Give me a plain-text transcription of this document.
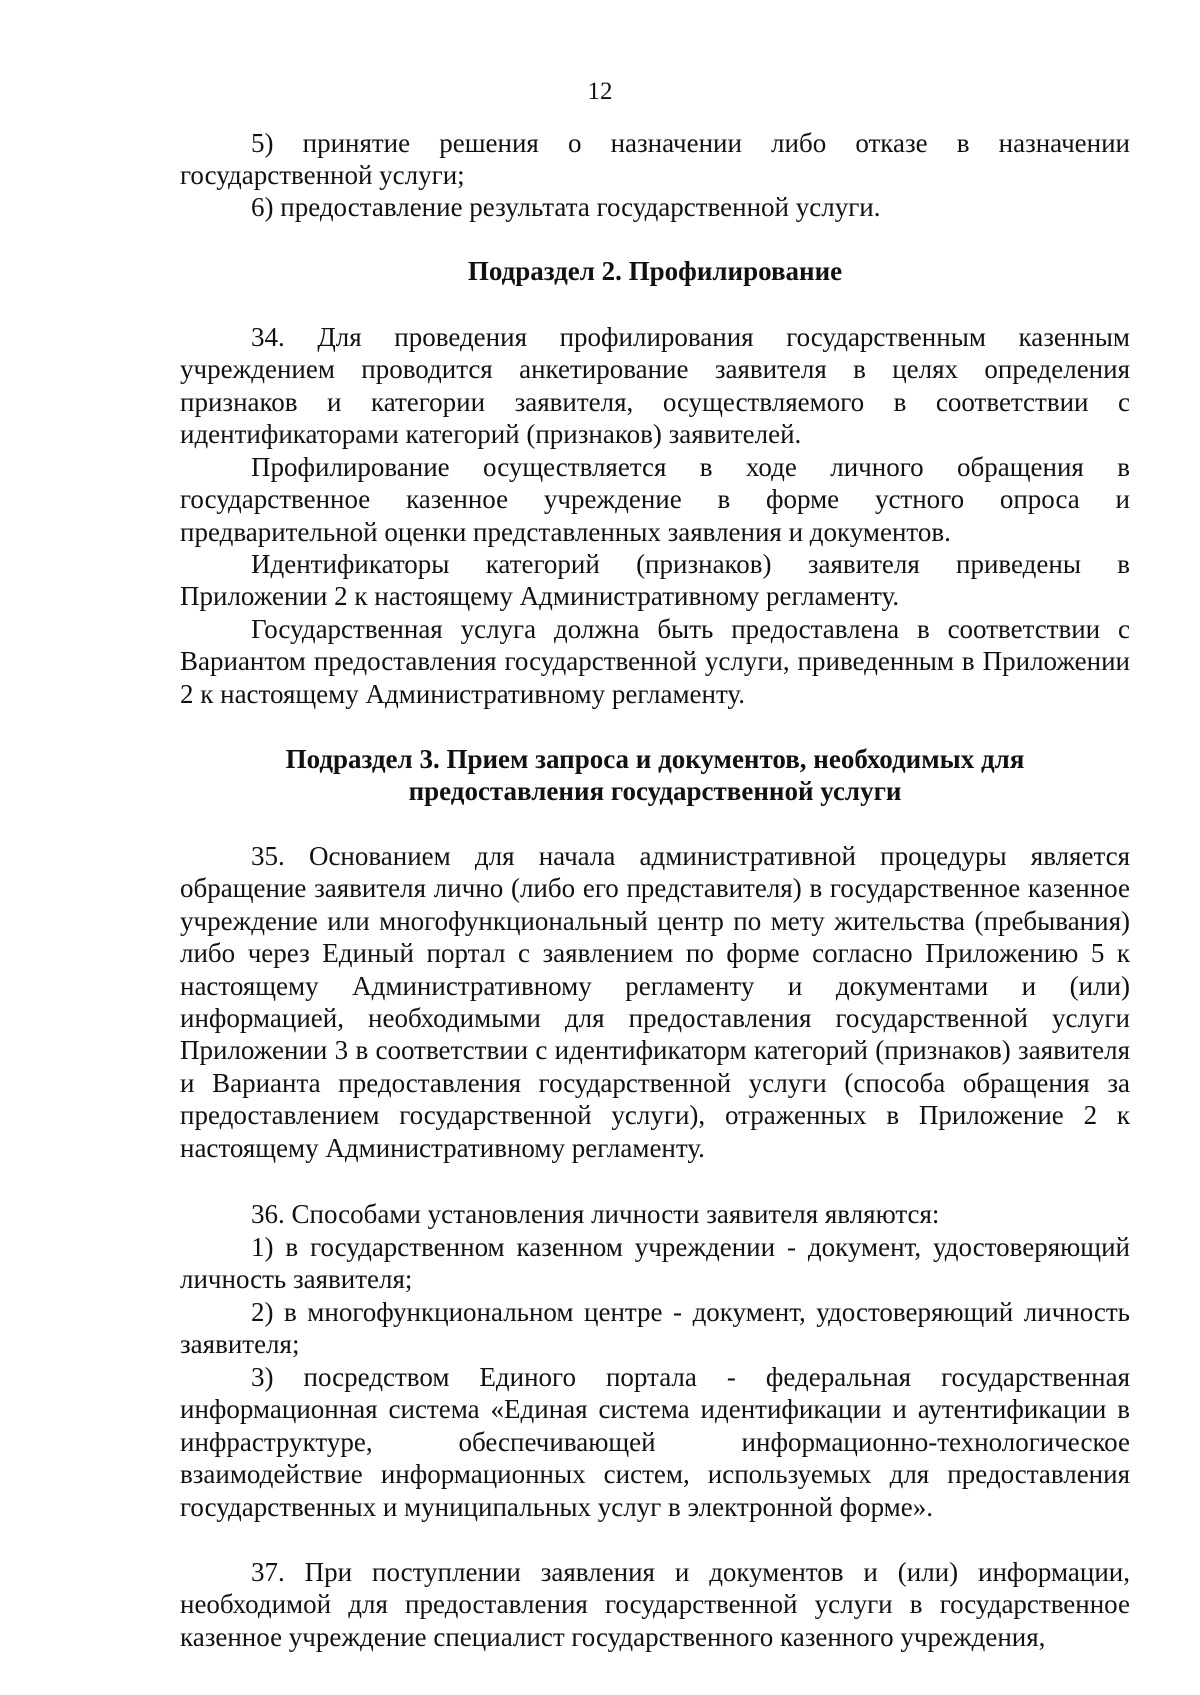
12

5) принятие решения о назначении либо отказе в назначении государственной услуги;

6) предоставление результата государственной услуги.

Подраздел 2. Профилирование

34. Для проведения профилирования государственным казенным учреждением проводится анкетирование заявителя в целях определения признаков и категории заявителя, осуществляемого в соответствии с идентификаторами категорий (признаков) заявителей.

Профилирование осуществляется в ходе личного обращения в государственное казенное учреждение в форме устного опроса и предварительной оценки представленных заявления и документов.

Идентификаторы категорий (признаков) заявителя приведены в Приложении 2 к настоящему Административному регламенту.

Государственная услуга должна быть предоставлена в соответствии с Вариантом предоставления государственной услуги, приведенным в Приложении 2 к настоящему Административному регламенту.

Подраздел 3. Прием запроса и документов, необходимых для
предоставления государственной услуги

35. Основанием для начала административной процедуры является обращение заявителя лично (либо его представителя) в государственное казенное учреждение или многофункциональный центр по мету жительства (пребывания) либо через Единый портал с заявлением по форме согласно Приложению 5 к настоящему Административному регламенту и документами и (или) информацией, необходимыми для предоставления государственной услуги Приложении 3 в соответствии с идентификаторм категорий (признаков) заявителя и Варианта предоставления государственной услуги (способа обращения за предоставлением государственной услуги), отраженных в Приложение 2 к настоящему Административному регламенту.

36. Способами установления личности заявителя являются:

1) в государственном казенном учреждении - документ, удостоверяющий личность заявителя;

2) в многофункциональном центре - документ, удостоверяющий личность заявителя;

3) посредством Единого портала - федеральная государственная информационная система «Единая система идентификации и аутентификации в инфраструктуре, обеспечивающей информационно-технологическое взаимодействие информационных систем, используемых для предоставления государственных и муниципальных услуг в электронной форме».

37. При поступлении заявления и документов и (или) информации, необходимой для предоставления государственной услуги в государственное казенное учреждение специалист государственного казенного учреждения,
